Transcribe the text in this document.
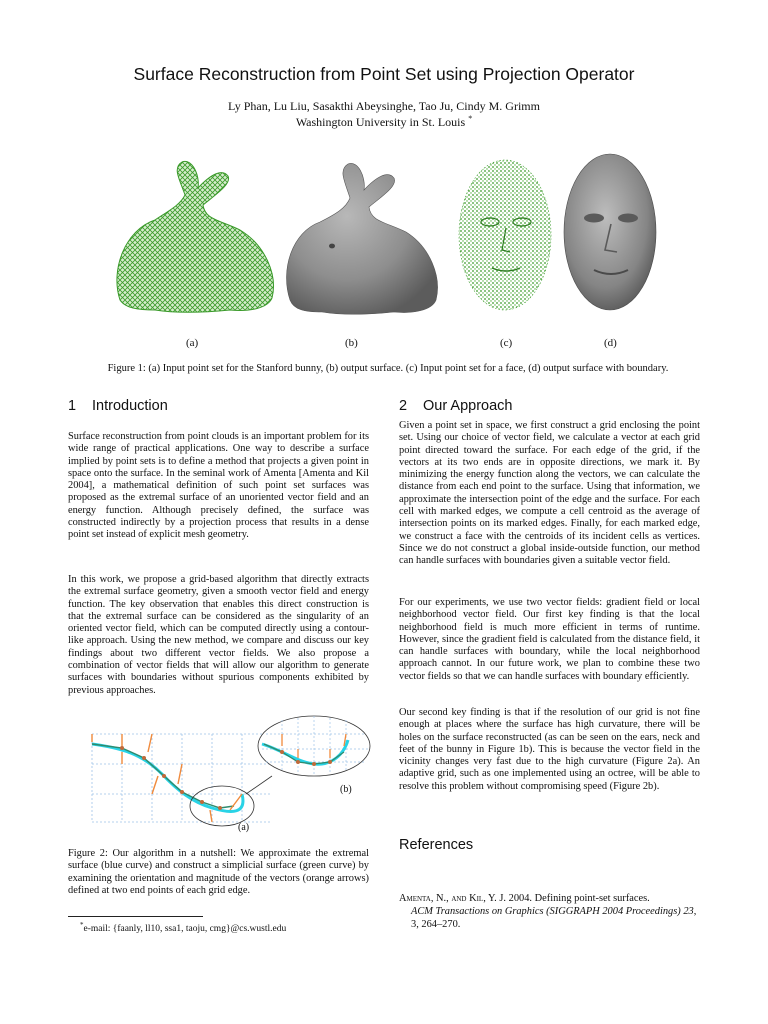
Surface Reconstruction from Point Set using Projection Operator
Ly Phan, Lu Liu, Sasakthi Abeysinghe, Tao Ju, Cindy M. Grimm
Washington University in St. Louis *
(a)	(b)	(c)	(d)
Figure 1: (a) Input point set for the Stanford bunny, (b) output surface. (c) Input point set for a face, (d) output surface with boundary.
1 Introduction
Surface reconstruction from point clouds is an important problem for its wide range of practical applications. One way to describe a surface implied by point sets is to define a method that projects a given point in space onto the surface. In the seminal work of Amenta [Amenta and Kil 2004], a mathematical definition of such point set surfaces was proposed as the extremal surface of an unoriented vector field and an energy function. Although precisely defined, the surface was constructed indirectly by a projection process that results in a dense point set instead of explicit mesh geometry.
In this work, we propose a grid-based algorithm that directly extracts the extremal surface geometry, given a smooth vector field and energy function. The key observation that enables this direct construction is that the extremal surface can be considered as the singularity of an oriented vector field, which can be computed directly using a contour-like approach. Using the new method, we compare and discuss our key findings about two different vector fields. We also propose a combination of vector fields that will allow our algorithm to generate surfaces with boundaries without spurious components exhibited by previous approaches.
(b)
(a)
Figure 2: Our algorithm in a nutshell: We approximate the extremal surface (blue curve) and construct a simplicial surface (green curve) by examining the orientation and magnitude of the vectors (orange arrows) defined at two end points of each grid edge.
*e-mail: {faanly, ll10, ssa1, taoju, cmg}@cs.wustl.edu
2 Our Approach
Given a point set in space, we first construct a grid enclosing the point set. Using our choice of vector field, we calculate a vector at each grid point directed toward the surface. For each edge of the grid, if the vectors at its two ends are in opposite directions, we mark it. By minimizing the energy function along the vectors, we can calculate the distance from each end point to the surface. Using that information, we approximate the intersection point of the edge and the surface. For each cell with marked edges, we compute a cell centroid as the average of intersection points on its marked edges. Finally, for each marked edge, we construct a face with the centroids of its incident cells as vertices. Since we do not construct a global inside-outside function, our method can handle surfaces with boundaries given a suitable vector field.
For our experiments, we use two vector fields: gradient field or local neighborhood vector field. Our first key finding is that the local neighborhood field is much more efficient in terms of runtime. However, since the gradient field is calculated from the distance field, it can handle surfaces with boundary, while the local neighborhood approach cannot. In our future work, we plan to combine these two vector fields so that we can handle surfaces with boundary efficiently.
Our second key finding is that if the resolution of our grid is not fine enough at places where the surface has high curvature, there will be holes on the surface reconstructed (as can be seen on the ears, neck and feet of the bunny in Figure 1b). This is because the vector field in the vicinity changes very fast due to the high curvature (Figure 2a). An adaptive grid, such as one implemented using an octree, will be able to resolve this problem without compromising speed (Figure 2b).
References
Amenta, N., and Kil, Y. J. 2004. Defining point-set surfaces.
ACM Transactions on Graphics (SIGGRAPH 2004 Proceedings) 23, 3, 264–270.
